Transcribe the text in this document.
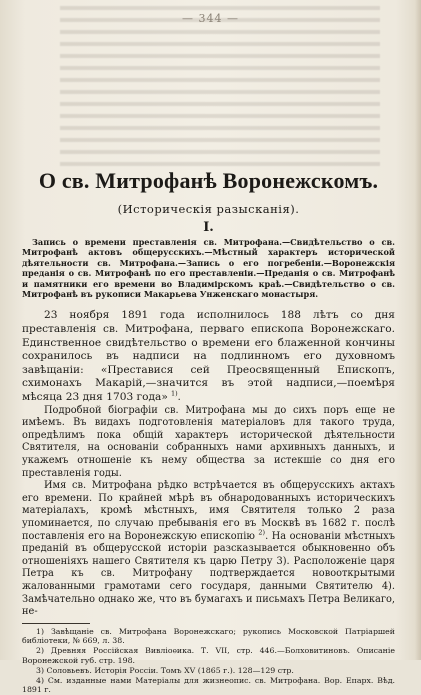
— 344 —
О св. Митрофанѣ Воронежскомъ.

(Историческія разысканія).

I.

Запись о времени преставленія св. Митрофана.—Свидѣтельство о св. Митрофанѣ актовъ общерусскихъ.—Мѣстный характеръ исторической дѣятельности св. Митрофана.—Запись о его погребеніи.—Воронежскія преданія о св. Митрофанѣ по его преставленіи.—Преданія о св. Митрофанѣ и памятники его времени во Владимірскомъ краѣ.—Свидѣтельство о св. Митрофанѣ въ рукописи Макарьева Унженскаго монастыря.

23 ноября 1891 года исполнилось 188 лѣтъ со дня преставленія св. Митрофана, перваго епископа Воронежскаго. Единственное свидѣтельство о времени его блаженной кончины сохранилось въ надписи на подлинномъ его духовномъ завѣщаніи: «Преставися сей Преосвященный Епископъ, схимонахъ Макарій,—значится въ этой надписи,—поемѣря мѣсяца 23 дня 1703 года» $^{1)}$.

Подробной біографіи св. Митрофана мы до сихъ поръ еще не имѣемъ. Въ видахъ подготовленія матеріаловъ для такого труда, опредѣлимъ пока общій характеръ исторической дѣятельности Святителя, на основаніи собранныхъ нами архивныхъ данныхъ, и укажемъ отношеніе къ нему общества за истекшіе со дня его преставленія годы.

Имя св. Митрофана рѣдко встрѣчается въ общерусскихъ актахъ его времени. По крайней мѣрѣ въ обнародованныхъ историческихъ матеріалахъ, кромѣ мѣстныхъ, имя Святителя только 2 раза упоминается, по случаю пребыванія его въ Москвѣ въ 1682 г. послѣ поставленія его на Воронежскую епископію $^{2)}$. На основаніи мѣстныхъ преданій въ общерусской исторіи разсказывается обыкновенно объ отношеніяхъ нашего Святителя къ царю Петру 3). Расположеніе царя Петра къ св. Митрофану подтверждается новооткрытыми жалованными грамотами сего государя, данными Святителю 4). Замѣчательно однако же, что въ бумагахъ и письмахъ Петра Великаго, не-

1) Завѣщаніе св. Митрофана Воронежскаго; рукопись Московской Патріаршей библіотеки, № 669, л. 38.

2) Древняя Россійская Вивліоѳика. Т. VII, стр. 446.—Болховитиновъ. Описаніе Воронежской губ. стр. 198.

3) Соловьевъ. Исторія Россіи. Томъ XV (1865 г.). 128—129 стр.

4) См. изданные нами Матеріалы для жизнеопис. св. Митрофана. Вор. Епарх. Вѣд. 1891 г.
